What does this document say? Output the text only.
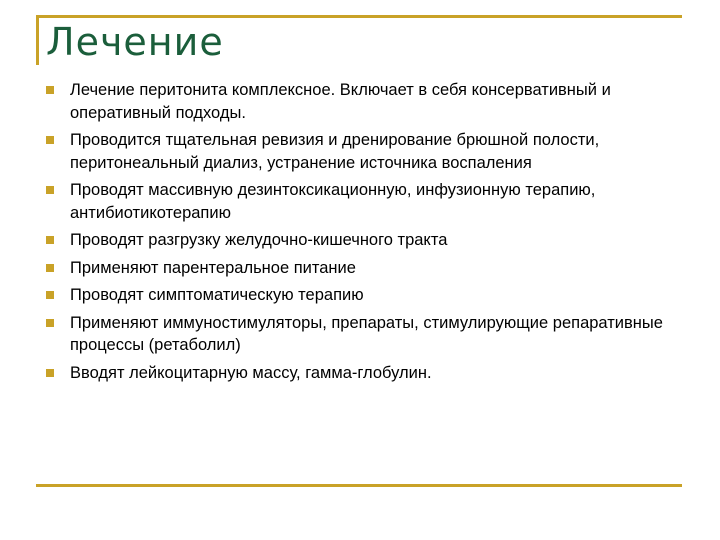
Лечение
Лечение перитонита комплексное. Включает в себя консервативный и оперативный подходы.
Проводится тщательная ревизия и дренирование брюшной полости, перитонеальный диализ, устранение источника воспаления
Проводят массивную дезинтоксикационную, инфузионную терапию, антибиотикотерапию
Проводят разгрузку желудочно-кишечного тракта
Применяют парентеральное питание
Проводят симптоматическую терапию
Применяют иммуностимуляторы, препараты, стимулирующие репаративные процессы (ретаболил)
Вводят лейкоцитарную массу, гамма-глобулин.
